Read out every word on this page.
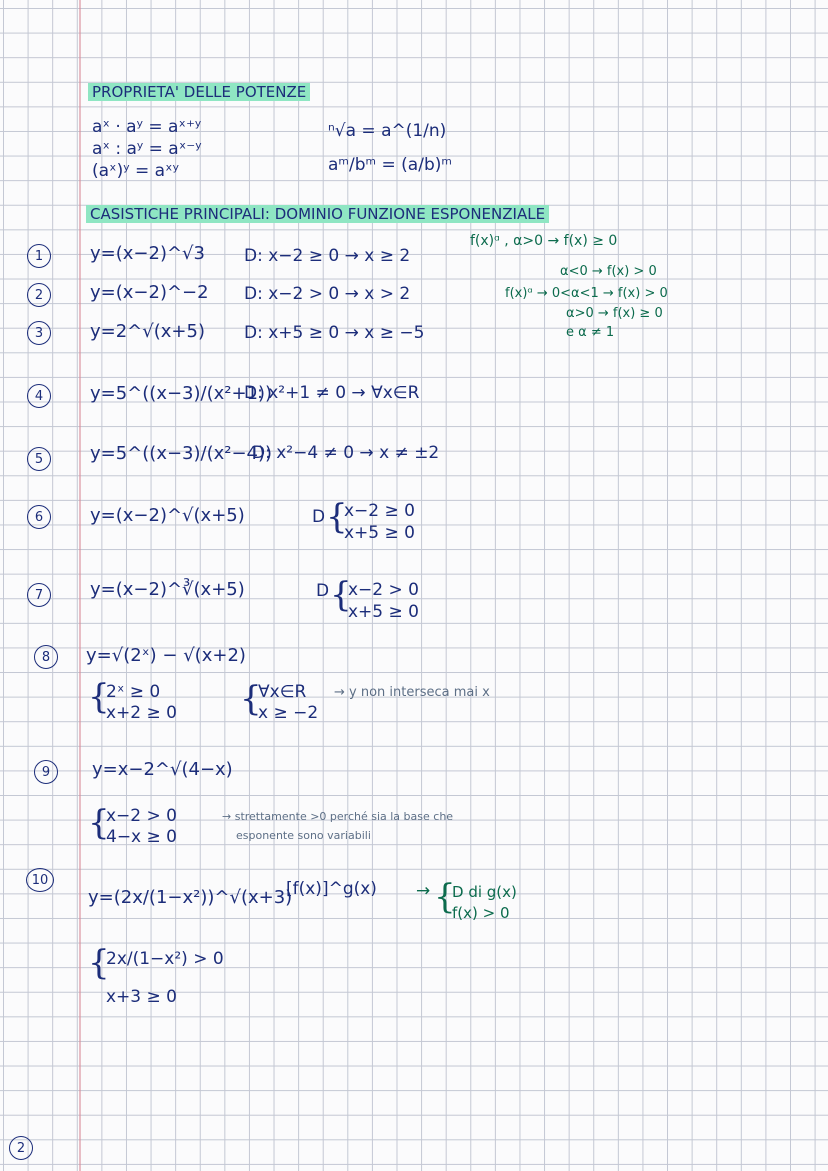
PROPRIETA' DELLE POTENZE
aˣ · aʸ = aˣ⁺ʸ
aˣ : aʸ = aˣ⁻ʸ
(aˣ)ʸ = aˣʸ
ⁿ√a = a^(1/n)
aᵐ/bᵐ = (a/b)ᵐ
CASISTICHE PRINCIPALI: DOMINIO FUNZIONE ESPONENZIALE
f(x)ᵅ , α>0 → f(x) ≥ 0
α<0 → f(x) > 0
f(x)ᵅ → 0<α<1 → f(x) > 0
α>0 → f(x) ≥ 0
e α ≠ 1
1	y=(x−2)^√3 D: x−2 ≥ 0 → x ≥ 2
2	y=(x−2)^−2 D: x−2 > 0 → x > 2
3	y=2^√(x+5) D: x+5 ≥ 0 → x ≥ −5
4	y=5^((x−3)/(x²+1))
D: x²+1 ≠ 0 → ∀x∈R
5	y=5^((x−3)/(x²−4))
D: x²−4 ≠ 0 → x ≠ ±2
6	y=(x−2)^√(x+5)	D {
x−2 ≥ 0
x+5 ≥ 0
7	y=(x−2)^∛(x+5)	D {
x−2 > 0
x+5 ≥ 0
8	y=√(2ˣ) − √(x+2)
{
2ˣ ≥ 0
x+2 ≥ 0 {
∀x∈R
x ≥ −2
→ y non interseca mai x
9	y=x−2^√(4−x)
{
x−2 > 0
4−x ≥ 0
→ strettamente >0 perché sia la base che
esponente sono variabili
10
y=(2x/(1−x²))^√(x+3)
[f(x)]^g(x) → {
D di g(x)
f(x) > 0
{
2x/(1−x²) > 0
x+3 ≥ 0
2
